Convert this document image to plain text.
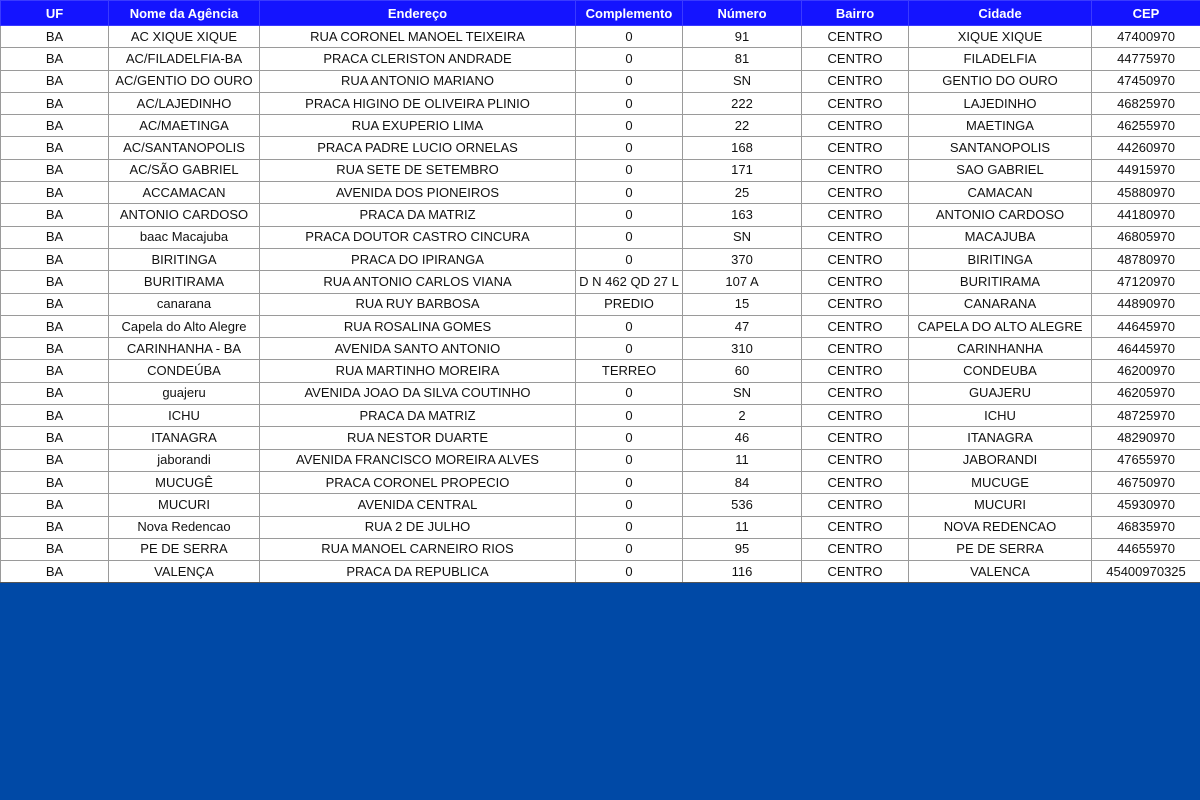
UF	Nome da Agência	Endereço	Complemento	Número	Bairro	Cidade	CEP
BA	AC XIQUE XIQUE	RUA CORONEL MANOEL TEIXEIRA	0	91	CENTRO	XIQUE XIQUE	47400970
BA	AC/FILADELFIA-BA	PRACA CLERISTON ANDRADE	0	81	CENTRO	FILADELFIA	44775970
BA	AC/GENTIO DO OURO	RUA ANTONIO MARIANO	0	SN	CENTRO	GENTIO DO OURO	47450970
BA	AC/LAJEDINHO	PRACA HIGINO DE OLIVEIRA PLINIO	0	222	CENTRO	LAJEDINHO	46825970
BA	AC/MAETINGA	RUA EXUPERIO LIMA	0	22	CENTRO	MAETINGA	46255970
BA	AC/SANTANOPOLIS	PRACA PADRE LUCIO ORNELAS	0	168	CENTRO	SANTANOPOLIS	44260970
BA	AC/SÃO GABRIEL	RUA SETE DE SETEMBRO	0	171	CENTRO	SAO GABRIEL	44915970
BA	ACCAMACAN	AVENIDA DOS PIONEIROS	0	25	CENTRO	CAMACAN	45880970
BA	ANTONIO CARDOSO	PRACA DA MATRIZ	0	163	CENTRO	ANTONIO CARDOSO	44180970
BA	baac Macajuba	PRACA DOUTOR CASTRO CINCURA	0	SN	CENTRO	MACAJUBA	46805970
BA	BIRITINGA	PRACA DO IPIRANGA	0	370	CENTRO	BIRITINGA	48780970
BA	BURITIRAMA	RUA ANTONIO CARLOS VIANA	D N 462 QD 27 L	107 A	CENTRO	BURITIRAMA	47120970
BA	canarana	RUA RUY BARBOSA	PREDIO	15	CENTRO	CANARANA	44890970
BA	Capela do Alto Alegre	RUA ROSALINA GOMES	0	47	CENTRO	CAPELA DO ALTO ALEGRE	44645970
BA	CARINHANHA - BA	AVENIDA SANTO ANTONIO	0	310	CENTRO	CARINHANHA	46445970
BA	CONDEÚBA	RUA MARTINHO MOREIRA	TERREO	60	CENTRO	CONDEUBA	46200970
BA	guajeru	AVENIDA JOAO DA SILVA COUTINHO	0	SN	CENTRO	GUAJERU	46205970
BA	ICHU	PRACA DA MATRIZ	0	2	CENTRO	ICHU	48725970
BA	ITANAGRA	RUA NESTOR DUARTE	0	46	CENTRO	ITANAGRA	48290970
BA	jaborandi	AVENIDA FRANCISCO MOREIRA ALVES	0	11	CENTRO	JABORANDI	47655970
BA	MUCUGÊ	PRACA CORONEL PROPECIO	0	84	CENTRO	MUCUGE	46750970
BA	MUCURI	AVENIDA CENTRAL	0	536	CENTRO	MUCURI	45930970
BA	Nova Redencao	RUA 2 DE JULHO	0	11	CENTRO	NOVA REDENCAO	46835970
BA	PE DE SERRA	RUA MANOEL CARNEIRO RIOS	0	95	CENTRO	PE DE SERRA	44655970
BA	VALENÇA	PRACA DA REPUBLICA	0	116	CENTRO	VALENCA	45400970325
